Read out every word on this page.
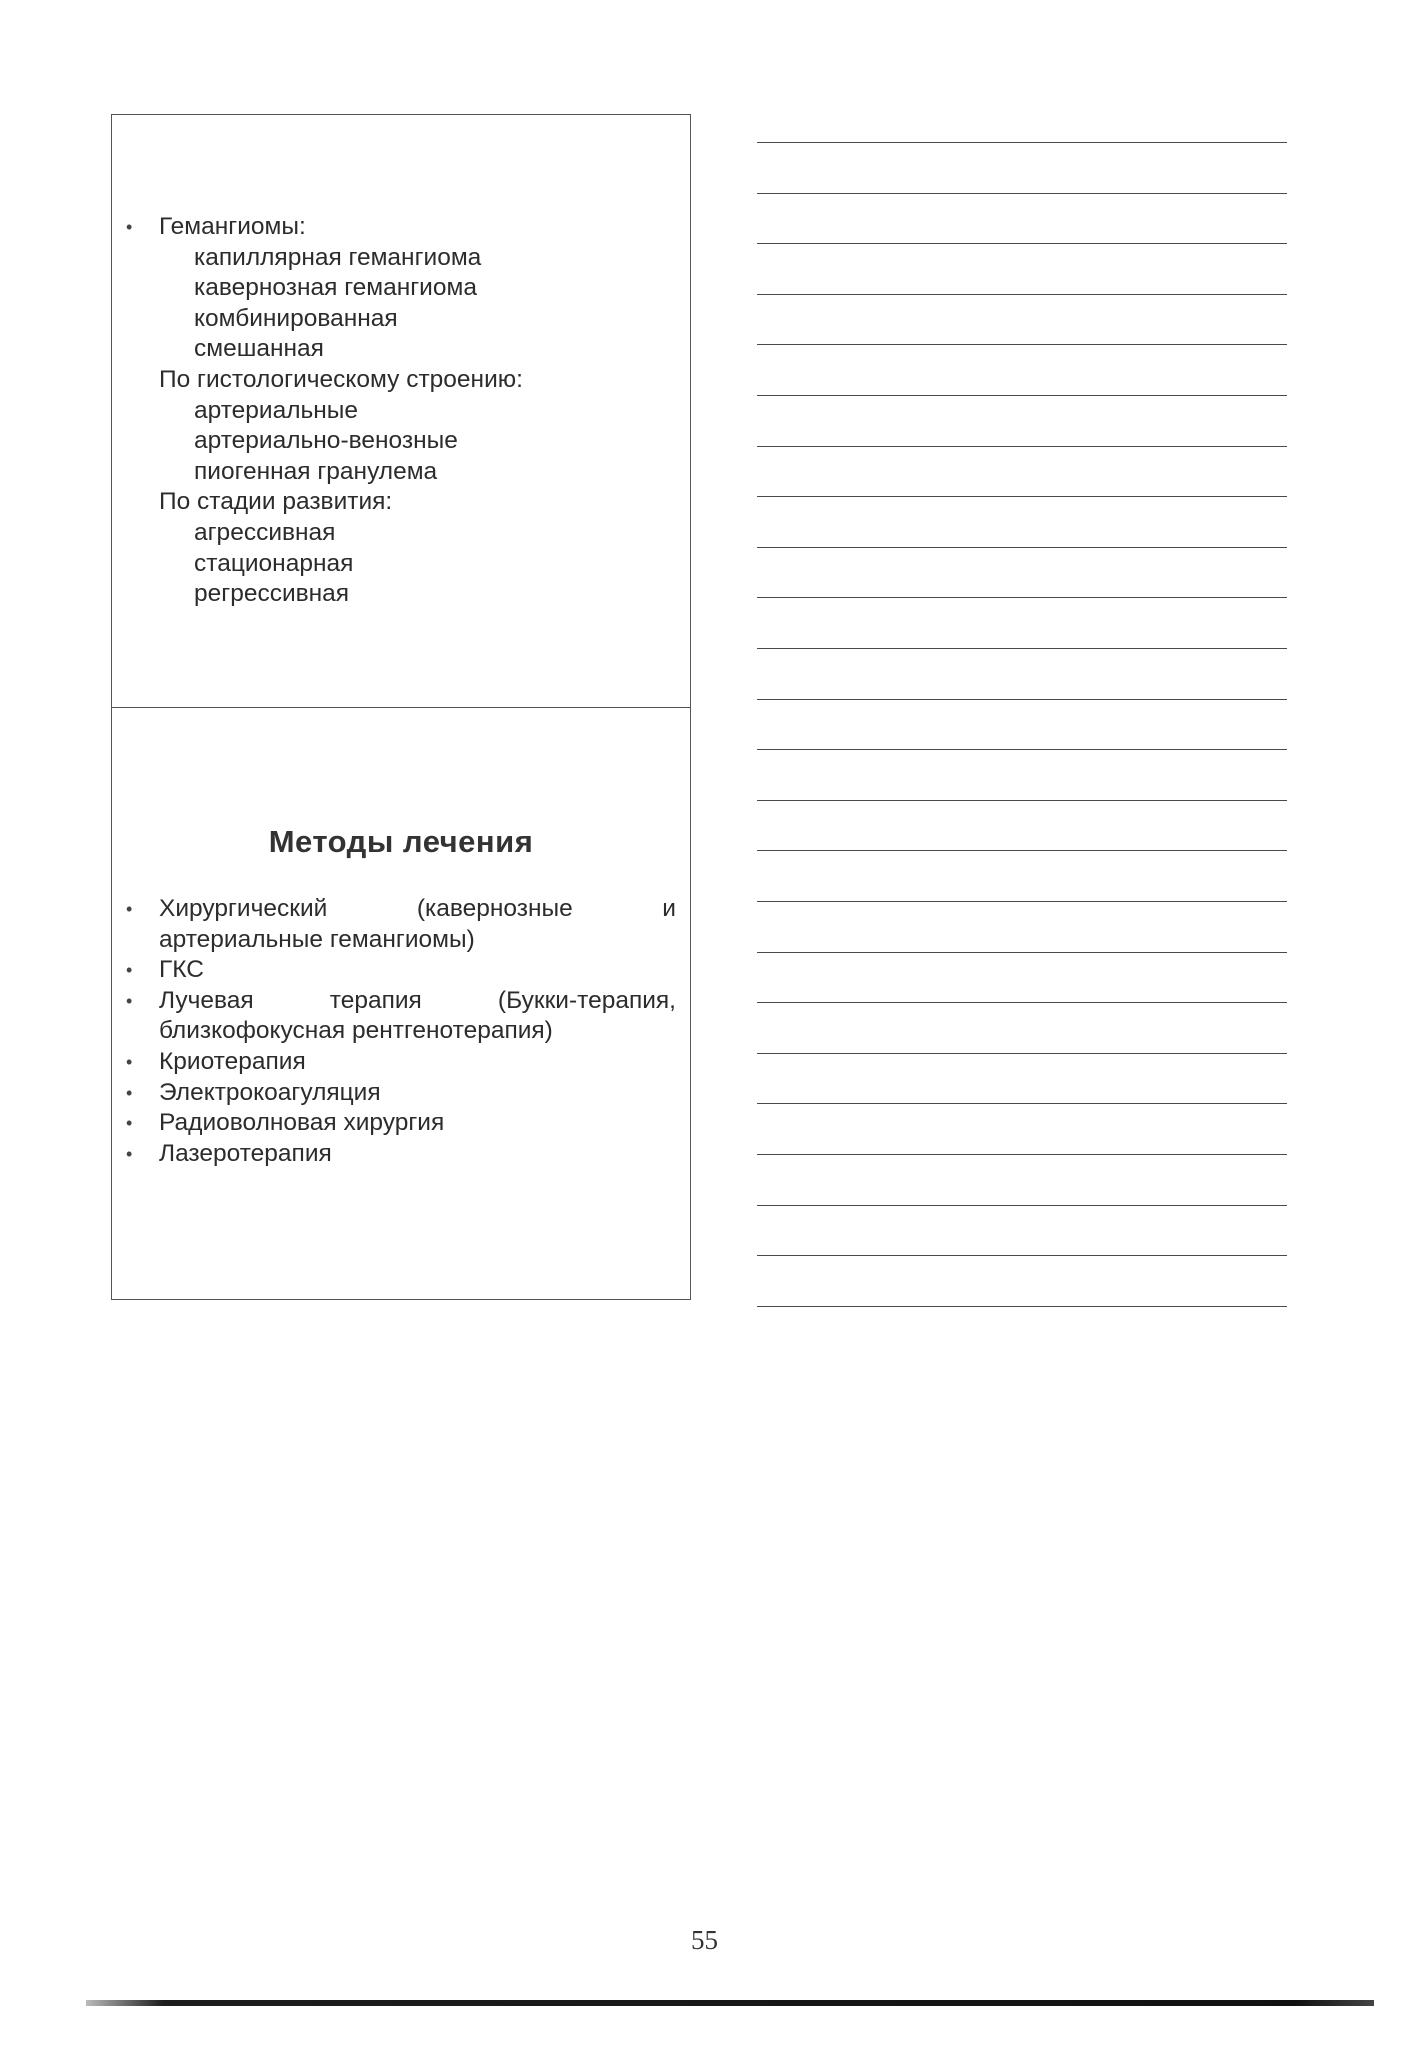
• Гемангиомы:
капиллярная гемангиома
кавернозная гемангиома
комбинированная
смешанная
По гистологическому строению:
артериальные
артериально-венозные
пиогенная гранулема
По стадии развития:
агрессивная
стационарная
регрессивная
Методы лечения
• Хирургический (кавернозные и артериальные гемангиомы)
• ГКС
• Лучевая терапия (Букки-терапия, близкофокусная рентгенотерапия)
• Криотерапия
• Электрокоагуляция
• Радиоволновая хирургия
• Лазеротерапия
55
